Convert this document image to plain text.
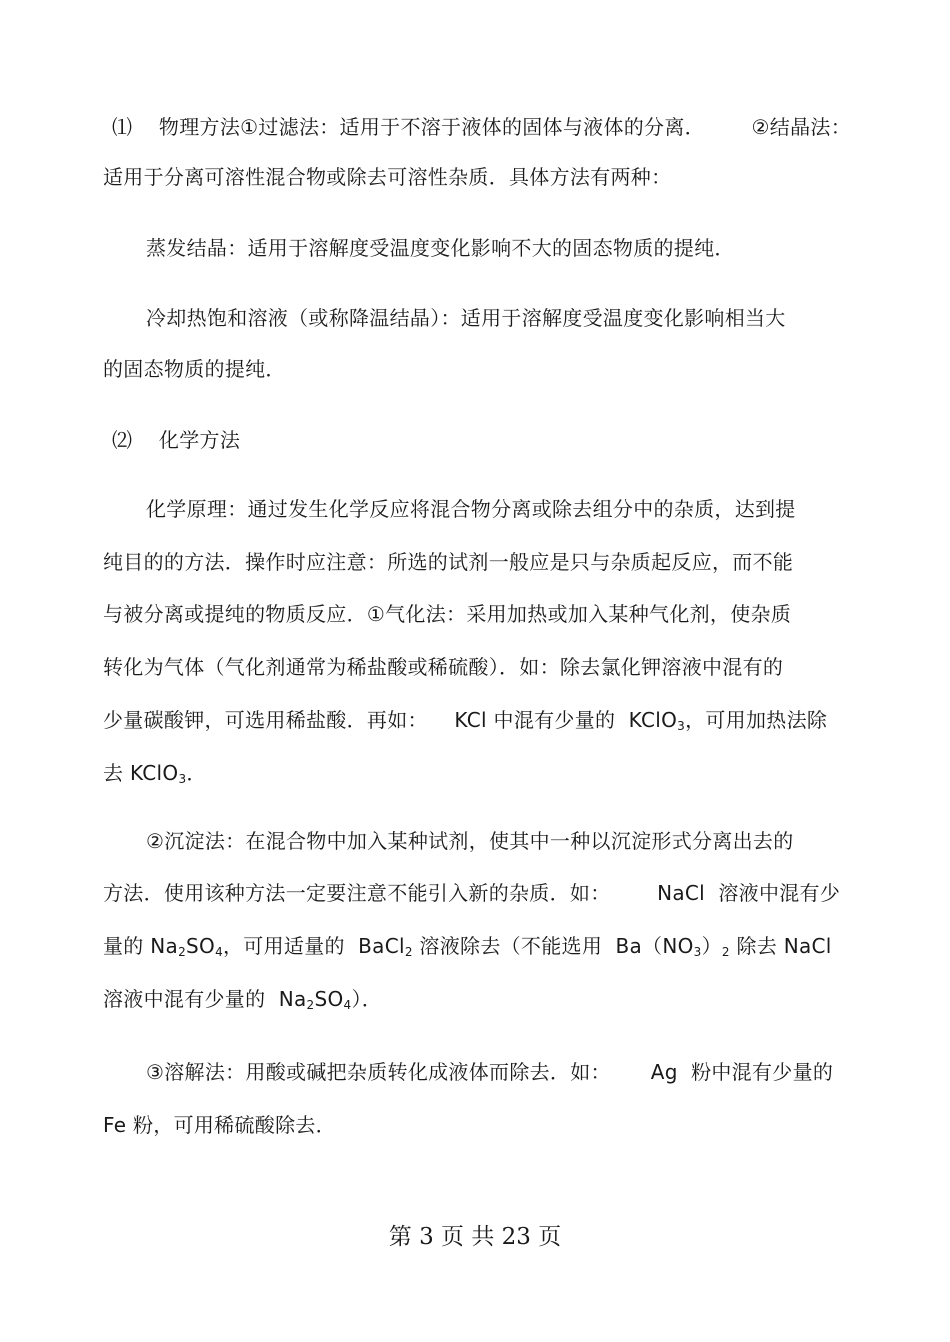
⑴    物理方法①过滤法：适用于不溶于液体的固体与液体的分离．       ②结晶法：
适用于分离可溶性混合物或除去可溶性杂质．具体方法有两种：
蒸发结晶：适用于溶解度受温度变化影响不大的固态物质的提纯．
冷却热饱和溶液（或称降温结晶）：适用于溶解度受温度变化影响相当大
的固态物质的提纯．
⑵    化学方法
化学原理：通过发生化学反应将混合物分离或除去组分中的杂质，达到提
纯目的的方法．操作时应注意：所选的试剂一般应是只与杂质起反应，而不能
与被分离或提纯的物质反应．①气化法：采用加热或加入某种气化剂，使杂质
转化为气体（气化剂通常为稀盐酸或稀硫酸）．如：除去氯化钾溶液中混有的
少量碳酸钾，可选用稀盐酸．再如：    KCl 中混有少量的  KClO$_3$，可用加热法除
去 KClO$_3$．
②沉淀法：在混合物中加入某种试剂，使其中一种以沉淀形式分离出去的
方法．使用该种方法一定要注意不能引入新的杂质．如：       NaCl  溶液中混有少
量的 $Na_2SO_4$，可用适量的  BaCl$_2$ 溶液除去（不能选用  $Ba(NO_3)_2$ 除去 NaCl
溶液中混有少量的  $Na_2SO_4$）．
③溶解法：用酸或碱把杂质转化成液体而除去．如：      Ag  粉中混有少量的
Fe 粉，可用稀硫酸除去．
第 3 页 共 23 页
